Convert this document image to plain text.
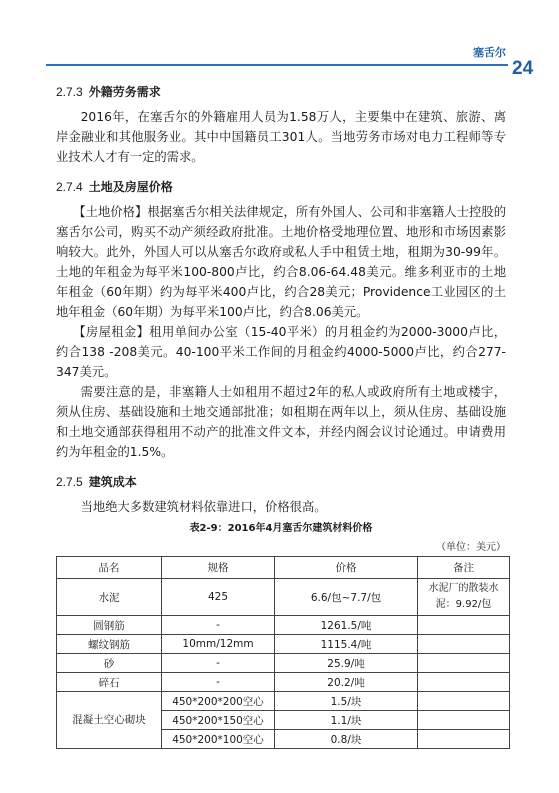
塞舌尔
24
2.7.3 外籍劳务需求

2016年，在塞舌尔的外籍雇用人员为1.58万人，主要集中在建筑、旅游、离岸金融业和其他服务业。其中中国籍员工301人。当地劳务市场对电力工程师等专业技术人才有一定的需求。

2.7.4 土地及房屋价格

【土地价格】根据塞舌尔相关法律规定，所有外国人、公司和非塞籍人士控股的塞舌尔公司，购买不动产须经政府批准。土地价格受地理位置、地形和市场因素影响较大。此外，外国人可以从塞舌尔政府或私人手中租赁土地，租期为30-99年。土地的年租金为每平米100-800卢比，约合8.06-64.48美元。维多利亚市的土地年租金（60年期）约为每平米400卢比，约合28美元；Providence工业园区的土地年租金（60年期）为每平米100卢比，约合8.06美元。

【房屋租金】租用单间办公室（15-40平米）的月租金约为2000-3000卢比，约合138 -208美元。40-100平米工作间的月租金约4000-5000卢比，约合277-347美元。

需要注意的是，非塞籍人士如租用不超过2年的私人或政府所有土地或楼宇，须从住房、基础设施和土地交通部批准；如租期在两年以上，须从住房、基础设施和土地交通部获得租用不动产的批准文件文本，并经内阁会议讨论通过。申请费用约为年租金的1.5%。

2.7.5 建筑成本

当地绝大多数建筑材料依靠进口，价格很高。

表2-9：2016年4月塞舌尔建筑材料价格
（单位：美元）
品名	规格	价格	备注
水泥	425	6.6/包~7.7/包	水泥厂的散装水泥：9.92/包
圆钢筋	-	1261.5/吨	
螺纹钢筋	10mm/12mm	1115.4/吨	
砂	-	25.9/吨	
碎石	-	20.2/吨	
混凝土空心砌块	450*200*200空心	1.5/块	
	450*200*150空心	1.1/块	
	450*200*100空心	0.8/块	
